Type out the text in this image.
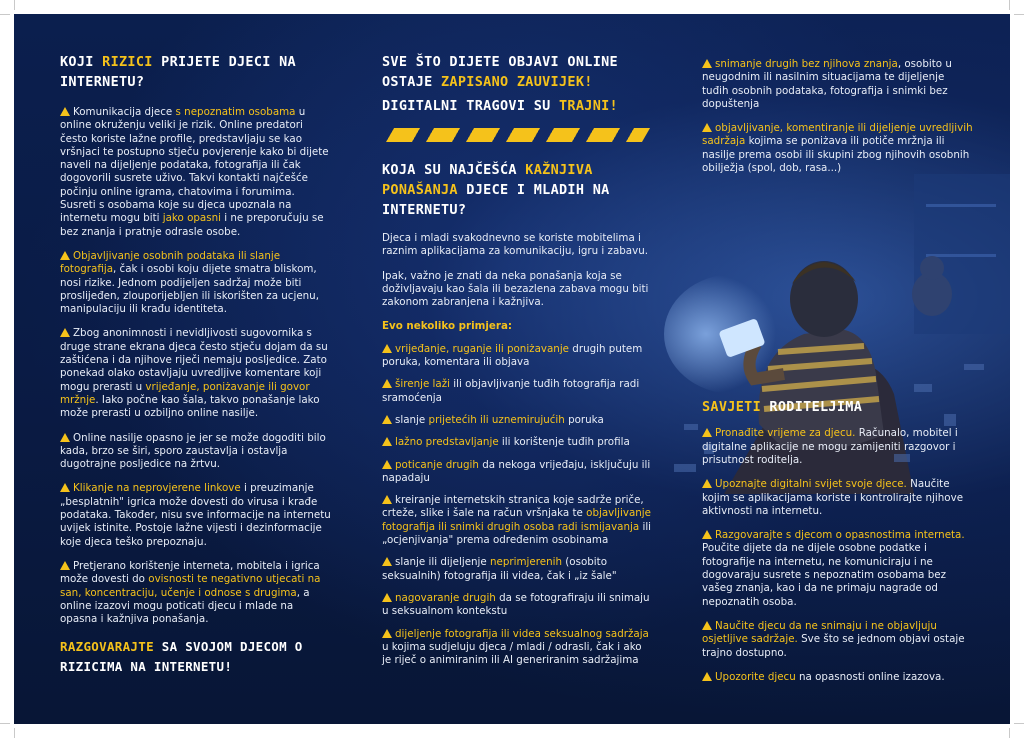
KOJI RIZICI PRIJETE DJECI NA INTERNETU?

Komunikacija djece s nepoznatim osobama u online okruženju veliki je rizik. Online predatori često koriste lažne profile, predstavljaju se kao vršnjaci te postupno stječu povjerenje kako bi dijete naveli na dijeljenje podataka, fotografija ili čak dogovorili susrete uživo. Takvi kontakti najčešće počinju online igrama, chatovima i forumima. Susreti s osobama koje su djeca upoznala na internetu mogu biti jako opasni i ne preporučuju se bez znanja i pratnje odrasle osobe.

Objavljivanje osobnih podataka ili slanje fotografija, čak i osobi koju dijete smatra bliskom, nosi rizike. Jednom podijeljen sadržaj može biti proslijeđen, zlouporijebljen ili iskorišten za ucjenu, manipulaciju ili krađu identiteta.

Zbog anonimnosti i nevidljivosti sugovornika s druge strane ekrana djeca često stječu dojam da su zaštićena i da njihove riječi nemaju posljedice. Zato ponekad olako ostavljaju uvredljive komentare koji mogu prerasti u vrijeđanje, poniżavanje ili govor mržnje. Iako počne kao šala, takvo ponašanje lako može prerasti u ozbiljno online nasilje.

Online nasilje opasno je jer se može dogoditi bilo kada, brzo se širi, sporo zaustavlja i ostavlja dugotrajne posljedice na žrtvu.

Klikanje na neprovjerene linkove i preuzimanje „besplatnih" igrica može dovesti do virusa i krađe podataka. Također, nisu sve informacije na internetu uvijek istinite. Postoje lažne vijesti i dezinformacije koje djeca teško prepoznaju.

Pretjerano korištenje interneta, mobitela i igrica može dovesti do ovisnosti te negativno utjecati na san, koncentraciju, učenje i odnose s drugima, a online izazovi mogu poticati djecu i mlade na opasna i kažnjiva ponašanja.

RAZGOVARAJTE SA SVOJOM DJECOM O RIZICIMA NA INTERNETU!
SVE ŠTO DIJETE OBJAVI ONLINE OSTAJE ZAPISANO ZAUVIJEK!
DIGITALNI TRAGOVI SU TRAJNI!
KOJA SU NAJČEŠĆA KAŽNJIVA PONAŠANJA DJECE I MLADIH NA INTERNETU?

Djeca i mladi svakodnevno se koriste mobitelima i raznim aplikacijama za komunikaciju, igru i zabavu.

Ipak, važno je znati da neka ponašanja koja se doživljavaju kao šala ili bezazlena zabava mogu biti zakonom zabranjena i kažnjiva.

Evo nekoliko primjera:

vrijeđanje, ruganje ili poniżavanje drugih putem poruka, komentara ili objava

širenje laži ili objavljivanje tuđih fotografija radi sramoćenja

slanje prijetećih ili uznemirujućih poruka

lažno predstavljanje ili korištenje tuđih profila

poticanje drugih da nekoga vrijeđaju, isključuju ili napadaju

kreiranje internetskih stranica koje sadrže priče, crteže, slike i šale na račun vršnjaka te objavljivanje fotografija ili snimki drugih osoba radi ismijavanja ili „ocjenjivanja" prema određenim osobinama

slanje ili dijeljenje neprimjerenih (osobito seksualnih) fotografija ili videa, čak i „iz šale"

nagovaranje drugih da se fotografiraju ili snimaju u seksualnom kontekstu

dijeljenje fotografija ili videa seksualnog sadržaja u kojima sudjeluju djeca / mladi / odrasli, čak i ako je riječ o animiranim ili AI generiranim sadržajima

snimanje drugih bez njihova znanja, osobito u neugodnim ili nasilnim situacijama te dijeljenje tuđih osobnih podataka, fotografija i snimki bez dopuštenja

objavljivanje, komentiranje ili dijeljenje uvredljivih sadržaja kojima se poniżava ili potiče mržnja ili nasilje prema osobi ili skupini zbog njihovih osobnih obilježja (spol, dob, rasa...)

SAVJETI RODITELJIMA

Pronađite vrijeme za djecu. Računalo, mobitel i digitalne aplikacije ne mogu zamijeniti razgovor i prisutnost roditelja.

Upoznajte digitalni svijet svoje djece. Naučite kojim se aplikacijama koriste i kontrolirajte njihove aktivnosti na internetu.

Razgovarajte s djecom o opasnostima interneta. Poučite dijete da ne dijele osobne podatke i fotografije na internetu, ne komuniciraju i ne dogovaraju susrete s nepoznatim osobama bez vašeg znanja, kao i da ne primaju nagrade od nepoznatih osoba.

Naučite djecu da ne snimaju i ne objavljuju osjetljive sadržaje. Sve što se jednom objavi ostaje trajno dostupno.

Upozorite djecu na opasnosti online izazova.
